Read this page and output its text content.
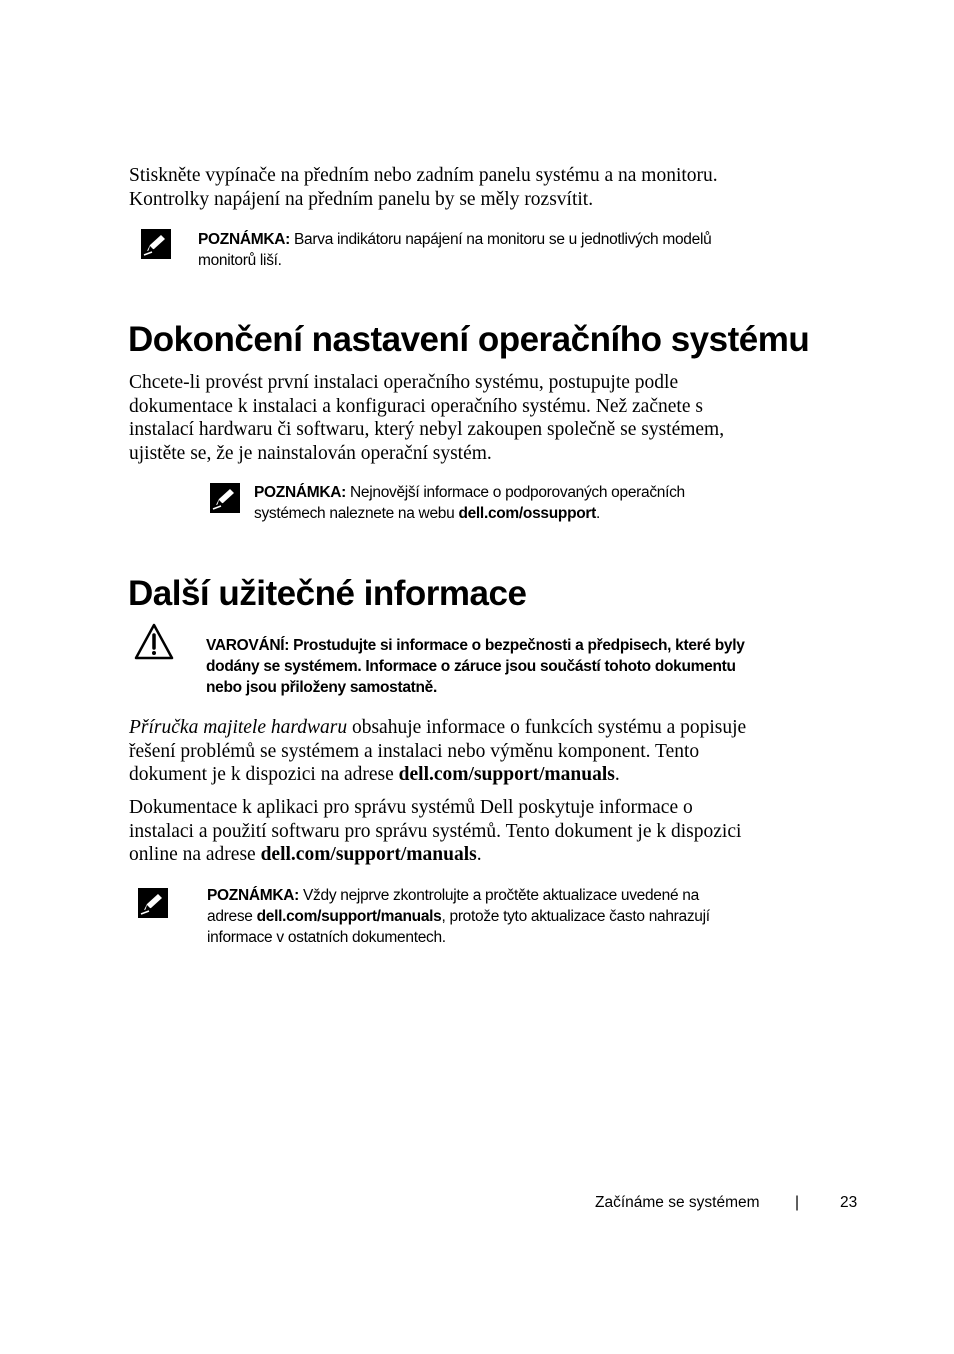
Stiskněte vypínače na předním nebo zadním panelu systému a na monitoru.
Kontrolky napájení na předním panelu by se měly rozsvítit.

POZNÁMKA: Barva indikátoru napájení na monitoru se u jednotlivých modelů
monitorů liší.
Dokončení nastavení operačního systému

Chcete-li provést první instalaci operačního systému, postupujte podle
dokumentace k instalaci a konfiguraci operačního systému. Než začnete s
instalací hardwaru či softwaru, který nebyl zakoupen společně se systémem,
ujistěte se, že je nainstalován operační systém.

POZNÁMKA: Nejnovější informace o podporovaných operačních
systémech naleznete na webu dell.com/ossupport.
Další užitečné informace
VAROVÁNÍ: Prostudujte si informace o bezpečnosti a předpisech, které byly
dodány se systémem. Informace o záruce jsou součástí tohoto dokumentu
nebo jsou přiloženy samostatně.

Příručka majitele hardwaru obsahuje informace o funkcích systému a popisuje
řešení problémů se systémem a instalaci nebo výměnu komponent. Tento
dokument je k dispozici na adrese dell.com/support/manuals.

Dokumentace k aplikaci pro správu systémů Dell poskytuje informace o
instalaci a použití softwaru pro správu systémů. Tento dokument je k dispozici
online na adrese dell.com/support/manuals.

POZNÁMKA: Vždy nejprve zkontrolujte a pročtěte aktualizace uvedené na
adrese dell.com/support/manuals, protože tyto aktualizace často nahrazují
informace v ostatních dokumentech.
Začínáme se systémem |	23
